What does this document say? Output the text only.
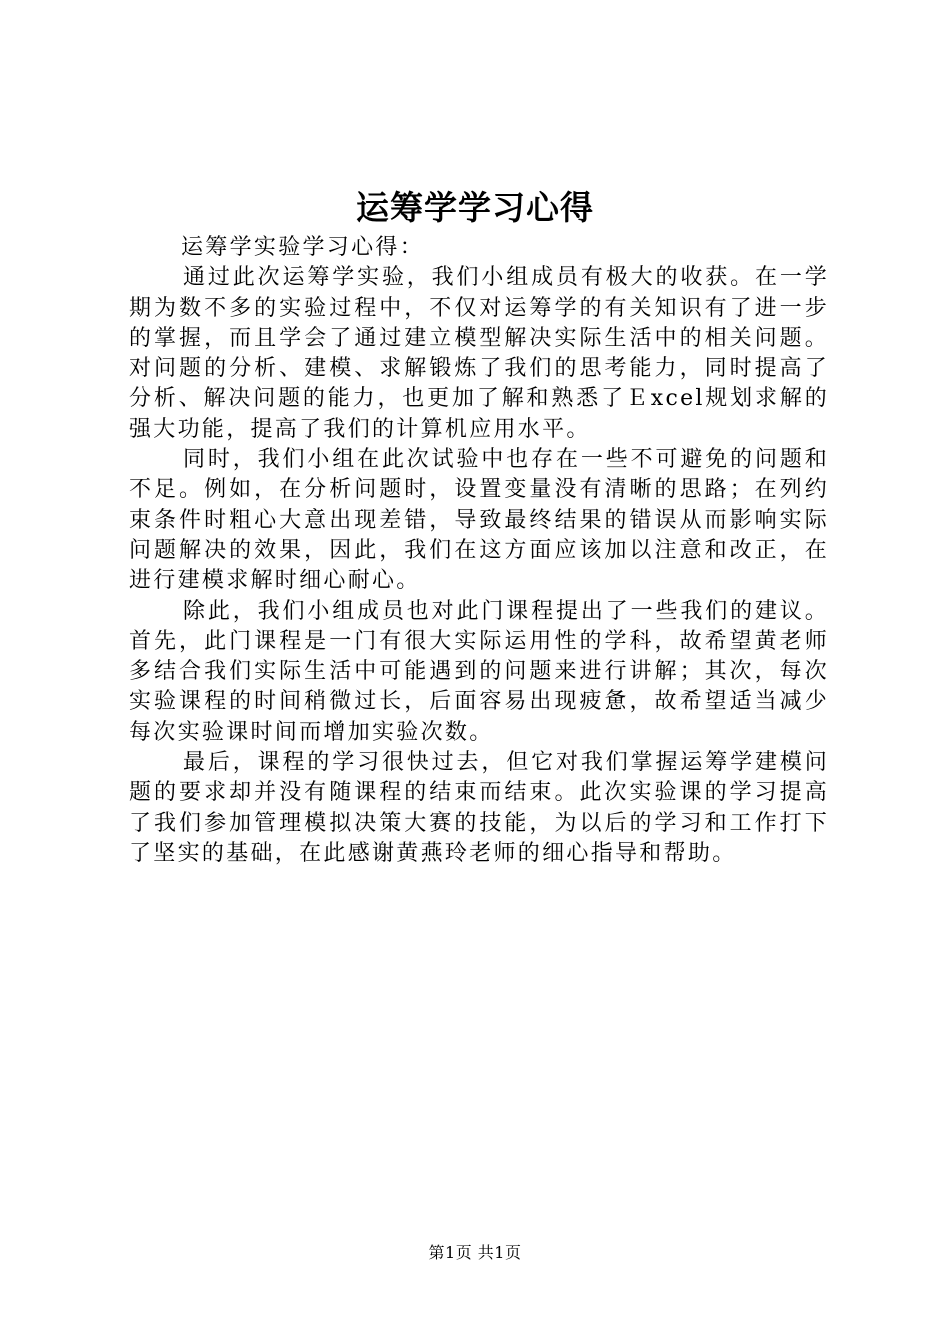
运筹学学习心得

运筹学实验学习心得：

通过此次运筹学实验，我们小组成员有极大的收获。在一学期为数不多的实验过程中，不仅对运筹学的有关知识有了进一步的掌握，而且学会了通过建立模型解决实际生活中的相关问题。对问题的分析、建模、求解锻炼了我们的思考能力，同时提高了分析、解决问题的能力，也更加了解和熟悉了Ｅxcel规划求解的强大功能，提高了我们的计算机应用水平。

同时，我们小组在此次试验中也存在一些不可避免的问题和不足。例如，在分析问题时，设置变量没有清晰的思路；在列约束条件时粗心大意出现差错，导致最终结果的错误从而影响实际问题解决的效果，因此，我们在这方面应该加以注意和改正，在进行建模求解时细心耐心。

除此，我们小组成员也对此门课程提出了一些我们的建议。首先，此门课程是一门有很大实际运用性的学科，故希望黄老师多结合我们实际生活中可能遇到的问题来进行讲解；其次，每次实验课程的时间稍微过长，后面容易出现疲惫，故希望适当减少每次实验课时间而增加实验次数。

最后，课程的学习很快过去，但它对我们掌握运筹学建模问题的要求却并没有随课程的结束而结束。此次实验课的学习提高了我们参加管理模拟决策大赛的技能，为以后的学习和工作打下了坚实的基础，在此感谢黄燕玲老师的细心指导和帮助。

第1页 共1页
